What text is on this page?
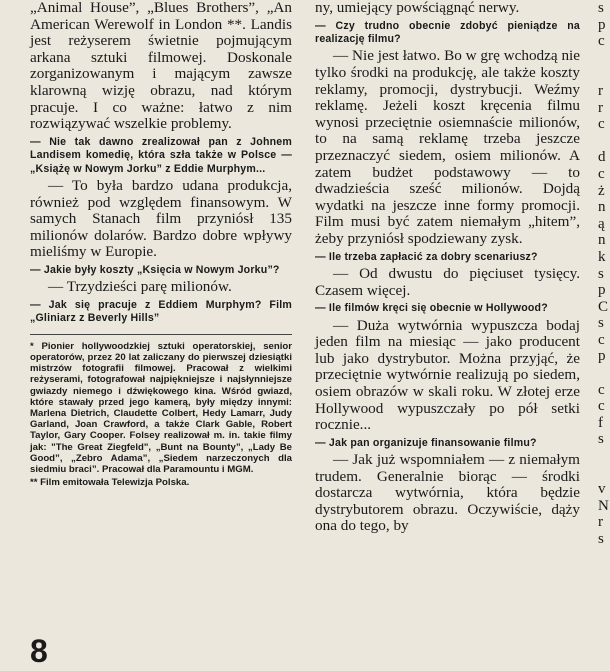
„Animal House”, „Blues Brothers”, „An American Werewolf in London **. Landis jest reżyserem świetnie pojmującym arkana sztuki filmowej. Doskonale zorganizowanym i mającym zawsze klarowną wizję obrazu, nad którym pracuje. I co ważne: łatwo z nim rozwiązywać wszelkie problemy.

— Nie tak dawno zrealizował pan z Johnem Landisem komedię, która szła także w Polsce — „Książę w Nowym Jorku” z Eddie Murphym...

— To była bardzo udana produkcja, również pod względem finansowym. W samych Stanach film przyniósł 135 milionów dolarów. Bardzo dobre wpływy mieliśmy w Europie.

— Jakie były koszty „Księcia w Nowym Jorku”?

— Trzydzieści parę milionów.

— Jak się pracuje z Eddiem Murphym? Film „Gliniarz z Beverly Hills”

* Pionier hollywoodzkiej sztuki operatorskiej, senior operatorów, przez 20 lat zaliczany do pierwszej dziesiątki mistrzów fotografii filmowej. Pracował z wielkimi reżyserami, fotografował najpiękniejsze i najsłynniejsze gwiazdy niemego i dźwiękowego kina. Wśród gwiazd, które stawały przed jego kamerą, były między innymi: Marlena Dietrich, Claudette Colbert, Hedy Lamarr, Judy Garland, Joan Crawford, a także Clark Gable, Robert Taylor, Gary Cooper. Folsey realizował m. in. takie filmy jak: "The Great Ziegfeld", „Bunt na Bounty”, „Lady Be Good”, „Zebro Adama”, „Siedem narzeczonych dla siedmiu braci”. Pracował dla Paramountu i MGM.

** Film emitowała Telewizja Polska.

ny, umiejący powściągnąć nerwy.

— Czy trudno obecnie zdobyć pieniądze na realizację filmu?

— Nie jest łatwo. Bo w grę wchodzą nie tylko środki na produkcję, ale także koszty reklamy, promocji, dystrybucji. Weźmy reklamę. Jeżeli koszt kręcenia filmu wynosi przeciętnie osiemnaście milionów, to na samą reklamę trzeba jeszcze przeznaczyć siedem, osiem milionów. A zatem budżet podstawowy — to dwadzieścia sześć milionów. Dojdą wydatki na jeszcze inne formy promocji. Film musi być zatem niemałym „hitem”, żeby przyniósł spodziewany zysk.

— Ile trzeba zapłacić za dobry scenariusz?

— Od dwustu do pięciuset tysięcy. Czasem więcej.

— Ile filmów kręci się obecnie w Hollywood?

— Duża wytwórnia wypuszcza bodaj jeden film na miesiąc — jako producent lub jako dystrybutor. Można przyjąć, że przeciętnie wytwórnie realizują po siedem, osiem obrazów w skali roku. W złotej erze Hollywood wypuszczały po pół setki rocznie...

— Jak pan organizuje finansowanie filmu?

— Jak już wspomniałem — z niemałym trudem. Generalnie biorąc — środki dostarcza wytwórnia, która będzie dystrybutorem obrazu. Oczywiście, dąży ona do tego, by

s
p
c
r
r
c
d
c
ż
n
ą
n
k
s
p
C
s
c
p
c
c
f
s
v
N
r
s
8
